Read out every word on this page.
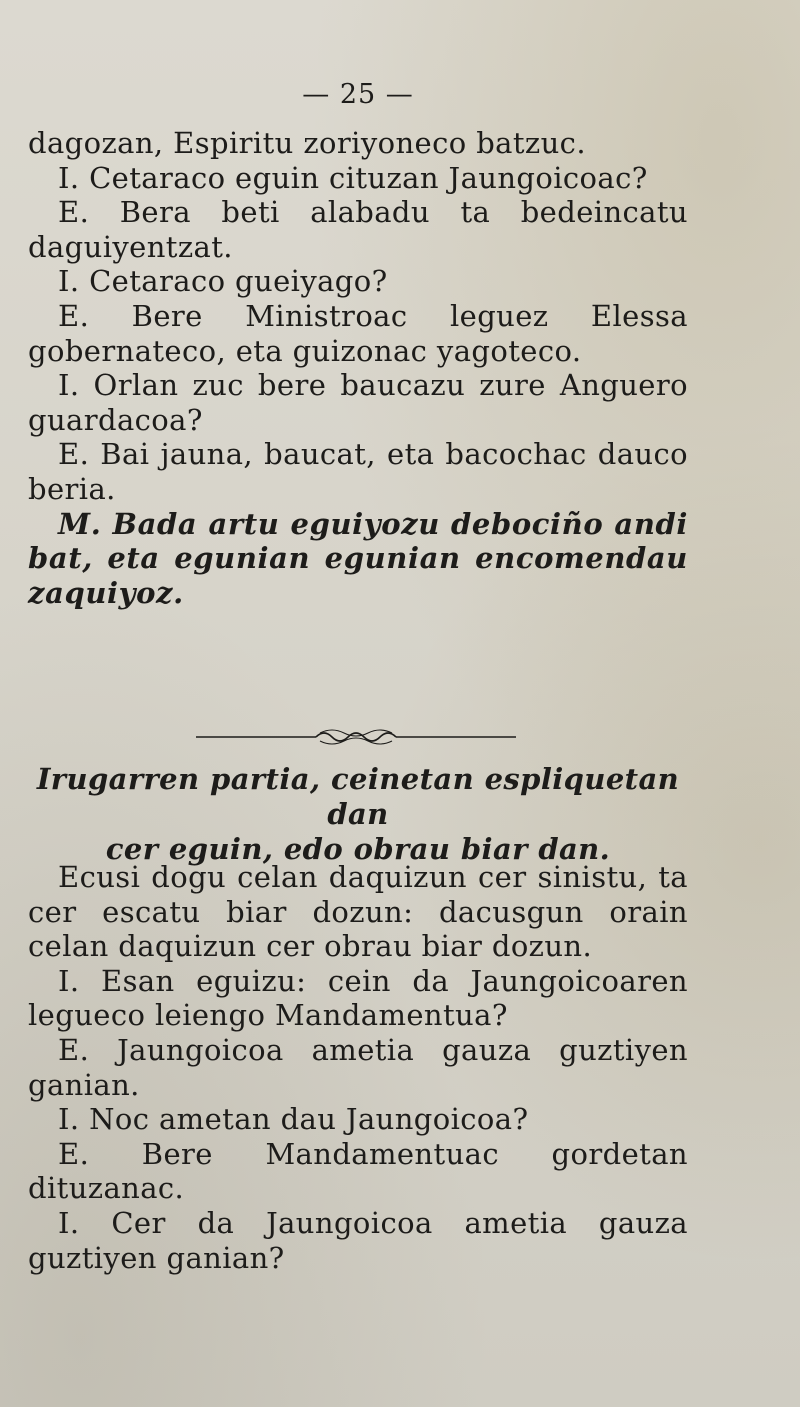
— 25 —

dagozan, Espiritu zoriyoneco batzuc.

I. Cetaraco eguin cituzan Jaungoicoac?

E. Bera beti alabadu ta bedeincatu daguiyentzat.

I. Cetaraco gueiyago?

E. Bere Ministroac leguez Elessa gobernateco, eta guizonac yagoteco.

I. Orlan zuc bere baucazu zure Anguero guardacoa?

E. Bai jauna, baucat, eta bacochac dauco beria.

M. Bada artu eguiyozu debociño andi bat, eta egunian egunian encomendau zaquiyoz.

Irugarren partia, ceinetan espliquetan dan
cer eguin, edo obrau biar dan.

Ecusi dogu celan daquizun cer sinistu, ta cer escatu biar dozun: dacusgun orain celan daquizun cer obrau biar dozun.

I. Esan eguizu: cein da Jaungoicoaren legueco leiengo Mandamentua?

E. Jaungoicoa ametia gauza guztiyen ganian.

I. Noc ametan dau Jaungoicoa?

E. Bere Mandamentuac gordetan dituzanac.

I. Cer da Jaungoicoa ametia gauza guztiyen ganian?
